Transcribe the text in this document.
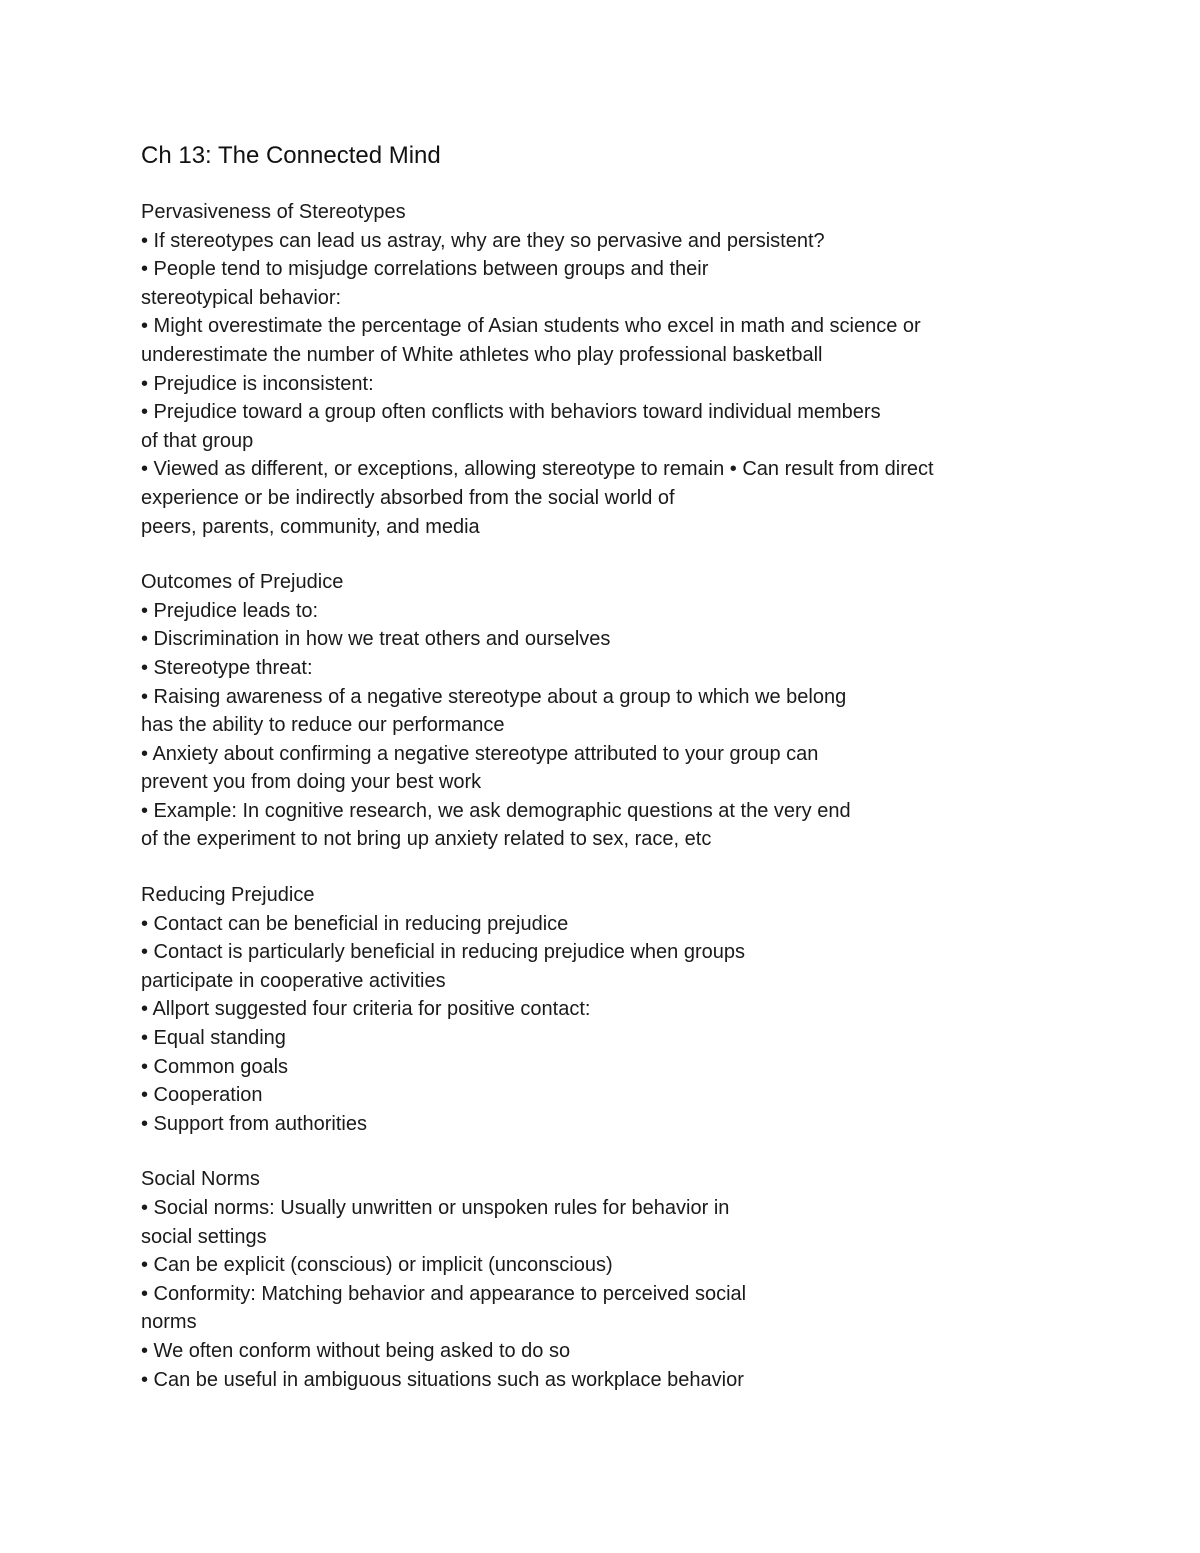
Ch 13: The Connected Mind

Pervasiveness of Stereotypes

• If stereotypes can lead us astray, why are they so pervasive and persistent?

• People tend to misjudge correlations between groups and their

stereotypical behavior:

• Might overestimate the percentage of Asian students who excel in math and science or

underestimate the number of White athletes who play professional basketball

• Prejudice is inconsistent:

• Prejudice toward a group often conflicts with behaviors toward individual members

of that group

• Viewed as different, or exceptions, allowing stereotype to remain • Can result from direct

experience or be indirectly absorbed from the social world of

peers, parents, community, and media

Outcomes of Prejudice

• Prejudice leads to:

• Discrimination in how we treat others and ourselves

• Stereotype threat:

• Raising awareness of a negative stereotype about a group to which we belong

has the ability to reduce our performance

• Anxiety about confirming a negative stereotype attributed to your group can

prevent you from doing your best work

• Example: In cognitive research, we ask demographic questions at the very end

of the experiment to not bring up anxiety related to sex, race, etc

Reducing Prejudice

• Contact can be beneficial in reducing prejudice

• Contact is particularly beneficial in reducing prejudice when groups

participate in cooperative activities

• Allport suggested four criteria for positive contact:

• Equal standing

• Common goals

• Cooperation

• Support from authorities

Social Norms

• Social norms: Usually unwritten or unspoken rules for behavior in

social settings

• Can be explicit (conscious) or implicit (unconscious)

• Conformity: Matching behavior and appearance to perceived social

norms

• We often conform without being asked to do so

• Can be useful in ambiguous situations such as workplace behavior
